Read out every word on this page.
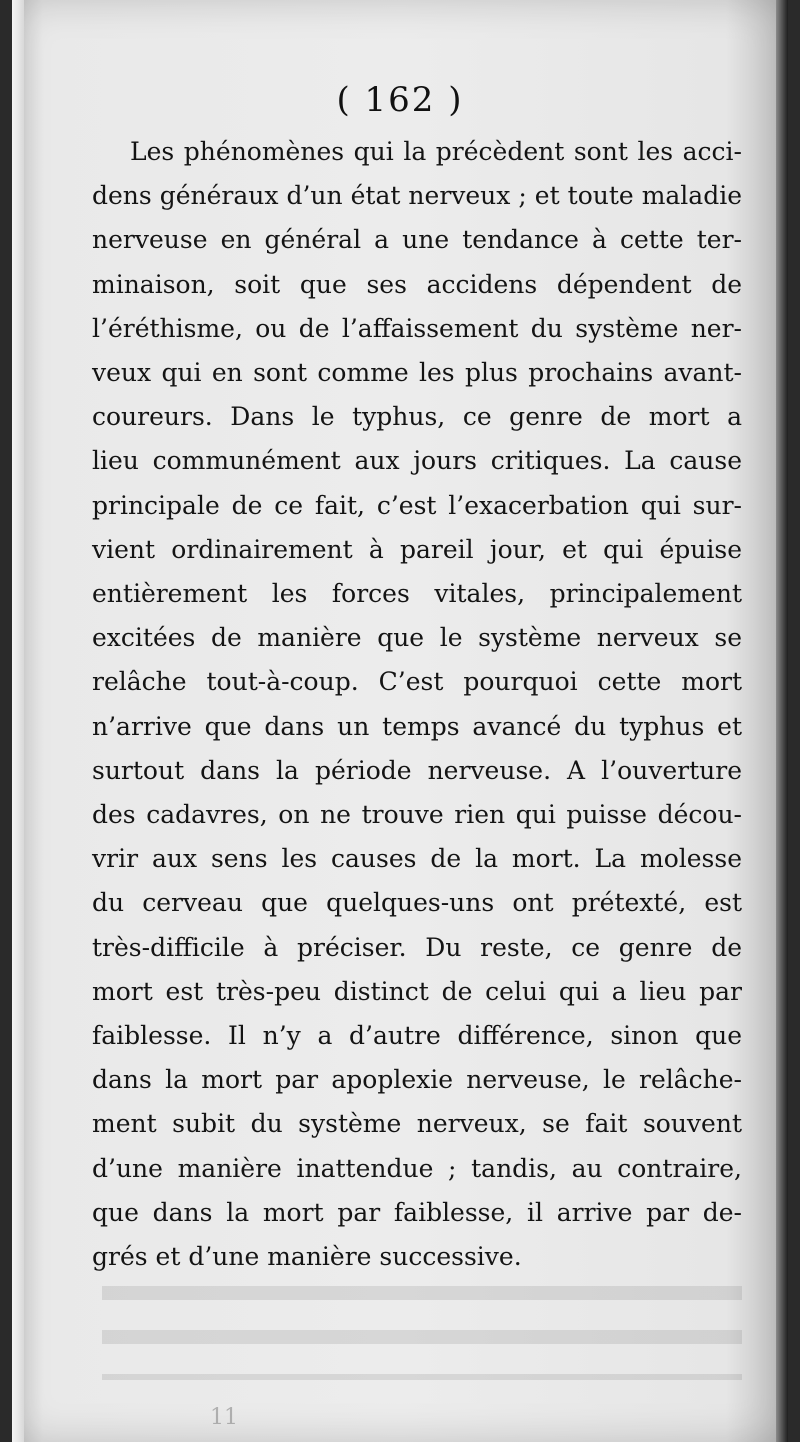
( 162 )
Les phénomènes qui la précèdent sont les acci-
dens généraux d’un état nerveux ; et toute maladie
nerveuse en général a une tendance à cette ter-
minaison, soit que ses accidens dépendent de
l’éréthisme, ou de l’affaissement du système ner-
veux qui en sont comme les plus prochains avant-
coureurs. Dans le typhus, ce genre de mort a
lieu communément aux jours critiques. La cause
principale de ce fait, c’est l’exacerbation qui sur-
vient ordinairement à pareil jour, et qui épuise
entièrement les forces vitales, principalement
excitées de manière que le système nerveux se
relâche tout-à-coup. C’est pourquoi cette mort
n’arrive que dans un temps avancé du typhus et
surtout dans la période nerveuse. A l’ouverture
des cadavres, on ne trouve rien qui puisse décou-
vrir aux sens les causes de la mort. La molesse
du cerveau que quelques-uns ont prétexté, est
très-difficile à préciser. Du reste, ce genre de
mort est très-peu distinct de celui qui a lieu par
faiblesse. Il n’y a d’autre différence, sinon que
dans la mort par apoplexie nerveuse, le relâche-
ment subit du système nerveux, se fait souvent
d’une manière inattendue ; tandis, au contraire,
que dans la mort par faiblesse, il arrive par de-
grés et d’une manière successive.
11
